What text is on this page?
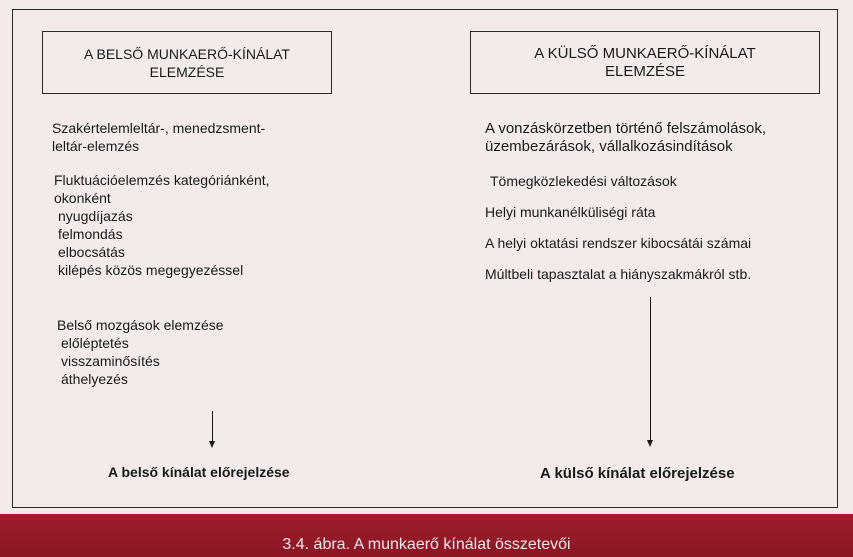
A BELSŐ MUNKAERŐ-KÍNÁLAT
ELEMZÉSE
Szakértelemleltár-, menedzsment-
leltár-elemzés
Fluktuációelemzés kategóriánként,
okonként
nyugdíjazás
felmondás
elbocsátás
kilépés közös megegyezéssel
Belső mozgások elemzése
előléptetés
visszaminősítés
áthelyezés
A belső kínálat előrejelzése
A KÜLSŐ MUNKAERŐ-KÍNÁLAT
ELEMZÉSE
A vonzáskörzetben történő felszámolások,
üzembezárások, vállalkozásindítások
Tömegközlekedési változások
Helyi munkanélküliségi ráta
A helyi oktatási rendszer kibocsátái számai
Múltbeli tapasztalat a hiányszakmákról stb.
A külső kínálat előrejelzése
3.4. ábra. A munkaerő kínálat összetevői
